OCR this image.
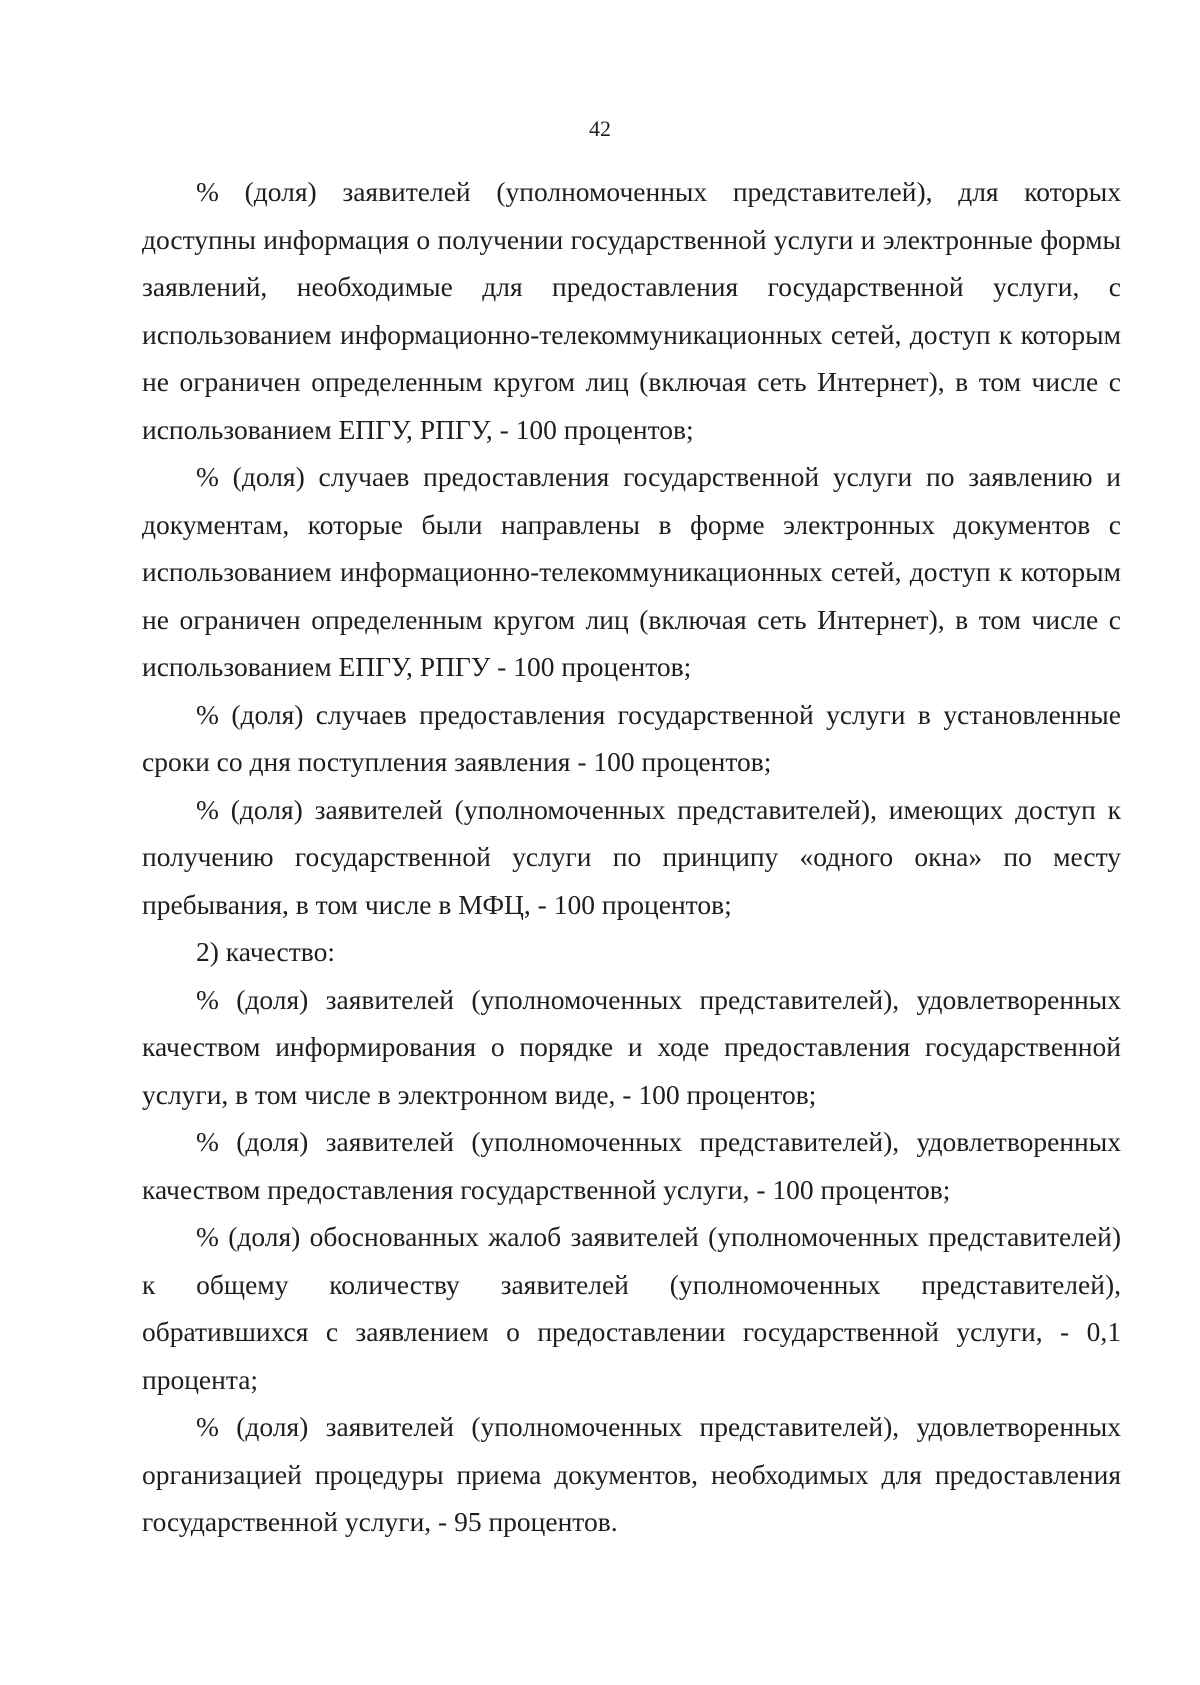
42

% (доля) заявителей (уполномоченных представителей), для которых доступны информация о получении государственной услуги и электронные формы заявлений, необходимые для предоставления государственной услуги, с использованием информационно-телекоммуникационных сетей, доступ к которым не ограничен определенным кругом лиц (включая сеть Интернет), в том числе с использованием ЕПГУ, РПГУ, - 100 процентов;

% (доля) случаев предоставления государственной услуги по заявлению и документам, которые были направлены в форме электронных документов с использованием информационно-телекоммуникационных сетей, доступ к которым не ограничен определенным кругом лиц (включая сеть Интернет), в том числе с использованием ЕПГУ, РПГУ - 100 процентов;

% (доля) случаев предоставления государственной услуги в установленные сроки со дня поступления заявления - 100 процентов;

% (доля) заявителей (уполномоченных представителей), имеющих доступ к получению государственной услуги по принципу «одного окна» по месту пребывания, в том числе в МФЦ, - 100 процентов;

2) качество:

% (доля) заявителей (уполномоченных представителей), удовлетворенных качеством информирования о порядке и ходе предоставления государственной услуги, в том числе в электронном виде, - 100 процентов;

% (доля) заявителей (уполномоченных представителей), удовлетворенных качеством предоставления государственной услуги, - 100 процентов;

% (доля) обоснованных жалоб заявителей (уполномоченных представителей) к общему количеству заявителей (уполномоченных представителей), обратившихся с заявлением о предоставлении государственной услуги, - 0,1 процента;

% (доля) заявителей (уполномоченных представителей), удовлетворенных организацией процедуры приема документов, необходимых для предоставления государственной услуги, - 95 процентов.
